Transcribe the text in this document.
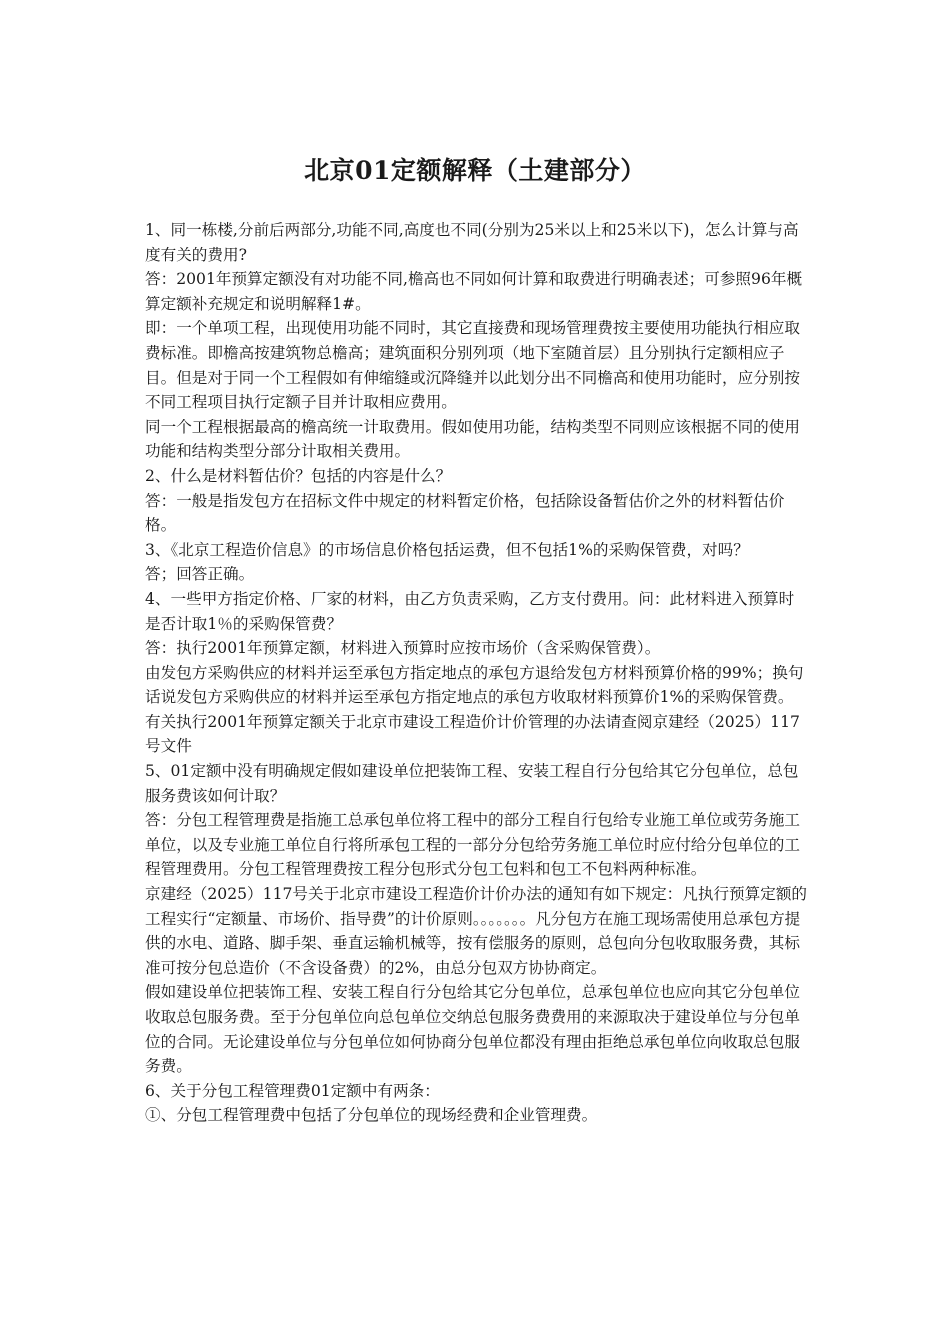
北京01定额解释（土建部分）

1、同一栋楼,分前后两部分,功能不同,高度也不同(分别为25米以上和25米以下)，怎么计算与高度有关的费用?

答：2001年预算定额没有对功能不同,檐高也不同如何计算和取费进行明确表述；可参照96年概算定额补充规定和说明解释1#。

即：一个单项工程，出现使用功能不同时，其它直接费和现场管理费按主要使用功能执行相应取费标准。即檐高按建筑物总檐高；建筑面积分别列项（地下室随首层）且分别执行定额相应子目。但是对于同一个工程假如有伸缩缝或沉降缝并以此划分出不同檐高和使用功能时，应分别按不同工程项目执行定额子目并计取相应费用。

同一个工程根据最高的檐高统一计取费用。假如使用功能，结构类型不同则应该根据不同的使用功能和结构类型分部分计取相关费用。

2、什么是材料暂估价？包括的内容是什么？

答：一般是指发包方在招标文件中规定的材料暂定价格，包括除设备暂估价之外的材料暂估价格。

3、《北京工程造价信息》的市场信息价格包括运费，但不包括1%的采购保管费，对吗？

答；回答正确。

4、一些甲方指定价格、厂家的材料，由乙方负责采购，乙方支付费用。问：此材料进入预算时是否计取1％的采购保管费？

答：执行2001年预算定额，材料进入预算时应按市场价（含采购保管费）。

由发包方采购供应的材料并运至承包方指定地点的承包方退给发包方材料预算价格的99%；换句话说发包方采购供应的材料并运至承包方指定地点的承包方收取材料预算价1%的采购保管费。

有关执行2001年预算定额关于北京市建设工程造价计价管理的办法请查阅京建经（2025）117号文件

5、01定额中没有明确规定假如建设单位把装饰工程、安装工程自行分包给其它分包单位，总包服务费该如何计取？

答：分包工程管理费是指施工总承包单位将工程中的部分工程自行包给专业施工单位或劳务施工单位，以及专业施工单位自行将所承包工程的一部分分包给劳务施工单位时应付给分包单位的工程管理费用。分包工程管理费按工程分包形式分包工包料和包工不包料两种标准。

京建经（2025）117号关于北京市建设工程造价计价办法的通知有如下规定：凡执行预算定额的工程实行“定额量、市场价、指导费”的计价原则。。。。。。。凡分包方在施工现场需使用总承包方提供的水电、道路、脚手架、垂直运输机械等，按有偿服务的原则，总包向分包收取服务费，其标准可按分包总造价（不含设备费）的2%，由总分包双方协协商定。

假如建设单位把装饰工程、安装工程自行分包给其它分包单位，总承包单位也应向其它分包单位收取总包服务费。至于分包单位向总包单位交纳总包服务费费用的来源取决于建设单位与分包单位的合同。无论建设单位与分包单位如何协商分包单位都没有理由拒绝总承包单位向收取总包服务费。

6、关于分包工程管理费01定额中有两条：

①、分包工程管理费中包括了分包单位的现场经费和企业管理费。
